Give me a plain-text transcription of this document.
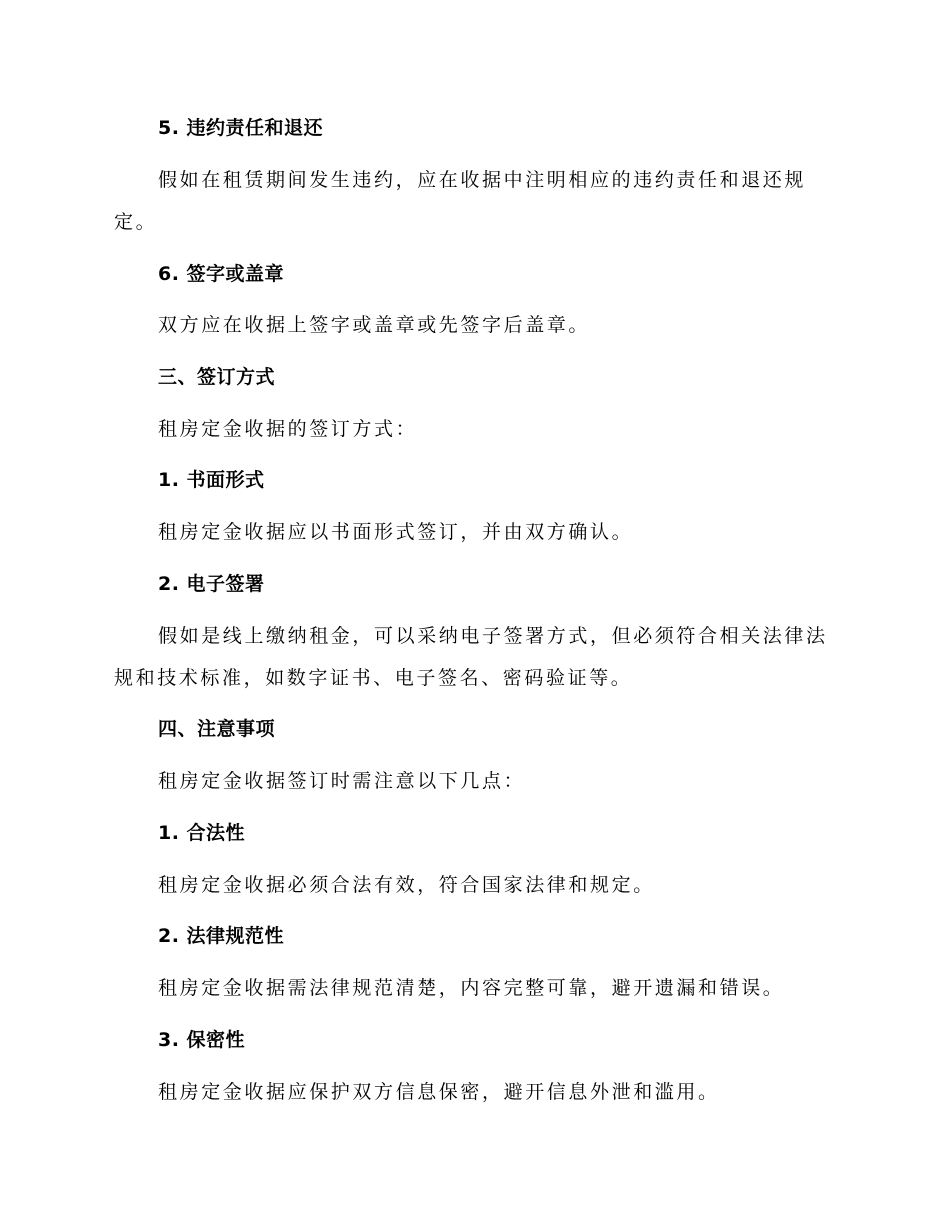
5. 违约责任和退还
假如在租赁期间发生违约，应在收据中注明相应的违约责任和退还规
定。
6. 签字或盖章
双方应在收据上签字或盖章或先签字后盖章。
三、签订方式
租房定金收据的签订方式：
1. 书面形式
租房定金收据应以书面形式签订，并由双方确认。
2. 电子签署
假如是线上缴纳租金，可以采纳电子签署方式，但必须符合相关法律法
规和技术标准，如数字证书、电子签名、密码验证等。
四、注意事项
租房定金收据签订时需注意以下几点：
1. 合法性
租房定金收据必须合法有效，符合国家法律和规定。
2. 法律规范性
租房定金收据需法律规范清楚，内容完整可靠，避开遗漏和错误。
3. 保密性
租房定金收据应保护双方信息保密，避开信息外泄和滥用。
